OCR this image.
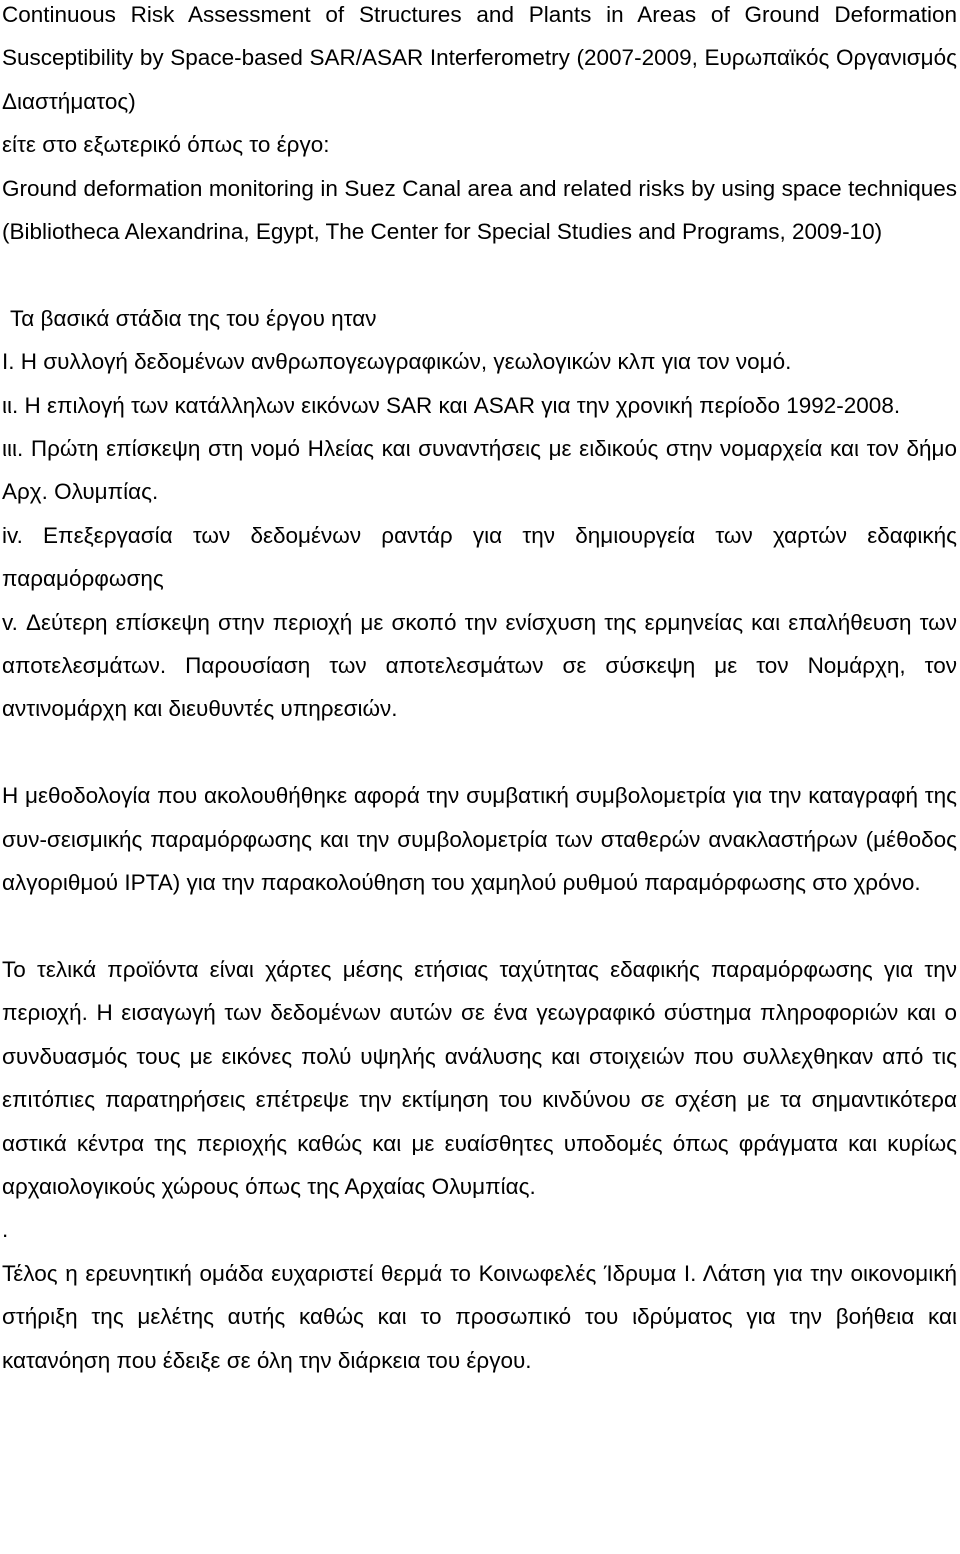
Continuous Risk Assessment of Structures and Plants in Areas of Ground Deformation Susceptibility by Space-based SAR/ASAR Interferometry (2007-2009, Ευρωπαϊκός Οργανισμός Διαστήματος)

είτε στο εξωτερικό όπως το έργο:

Ground deformation monitoring in Suez Canal area and related risks by using space techniques (Bibliotheca Alexandrina, Egypt, The Center for Special Studies and Programs, 2009-10)

Τα βασικά στάδια της του έργου ηταν

I. Η συλλογή δεδομένων ανθρωπογεωγραφικών, γεωλογικών κλπ για τον νομό.

ιι. Η επιλογή των κατάλληλων εικόνων SAR και ASAR για την χρονική περίοδο 1992-2008.

ιιι. Πρώτη επίσκεψη στη νομό Ηλείας και συναντήσεις με ειδικούς στην νομαρχεία και τον δήμο Αρχ. Ολυμπίας.

iv. Επεξεργασία των δεδομένων ραντάρ για την δημιουργεία των χαρτών εδαφικής παραμόρφωσης

v. Δεύτερη επίσκεψη στην περιοχή με σκοπό την ενίσχυση της ερμηνείας και επαλήθευση των αποτελεσμάτων. Παρουσίαση των αποτελεσμάτων σε σύσκεψη με τον Νομάρχη, τον αντινομάρχη και διευθυντές υπηρεσιών.

Η μεθοδολογία που ακολουθήθηκε αφορά την συμβατική συμβολομετρία για την καταγραφή της συν-σεισμικής παραμόρφωσης και την συμβολομετρία των σταθερών ανακλαστήρων (μέθοδος αλγοριθμού IPTA) για την παρακολούθηση του χαμηλού ρυθμού παραμόρφωσης στο χρόνο.

Το τελικά προϊόντα είναι χάρτες μέσης ετήσιας ταχύτητας εδαφικής παραμόρφωσης για την περιοχή. Η εισαγωγή των δεδομένων αυτών σε ένα γεωγραφικό σύστημα πληροφοριών και ο συνδυασμός τους με εικόνες πολύ υψηλής ανάλυσης και στοιχειών που συλλεχθηκαν από τις επιτόπιες παρατηρήσεις επέτρεψε την εκτίμηση του κινδύνου σε σχέση με τα σημαντικότερα αστικά κέντρα της περιοχής καθώς και με ευαίσθητες υποδομές όπως φράγματα και κυρίως αρχαιολογικούς χώρους όπως της Αρχαίας Ολυμπίας.

.

Τέλος η ερευνητική ομάδα ευχαριστεί θερμά το Κοινωφελές Ίδρυμα Ι. Λάτση για την οικονομική στήριξη της μελέτης αυτής καθώς και το προσωπικό του ιδρύματος για την βοήθεια και κατανόηση που έδειξε σε όλη την διάρκεια του έργου.
